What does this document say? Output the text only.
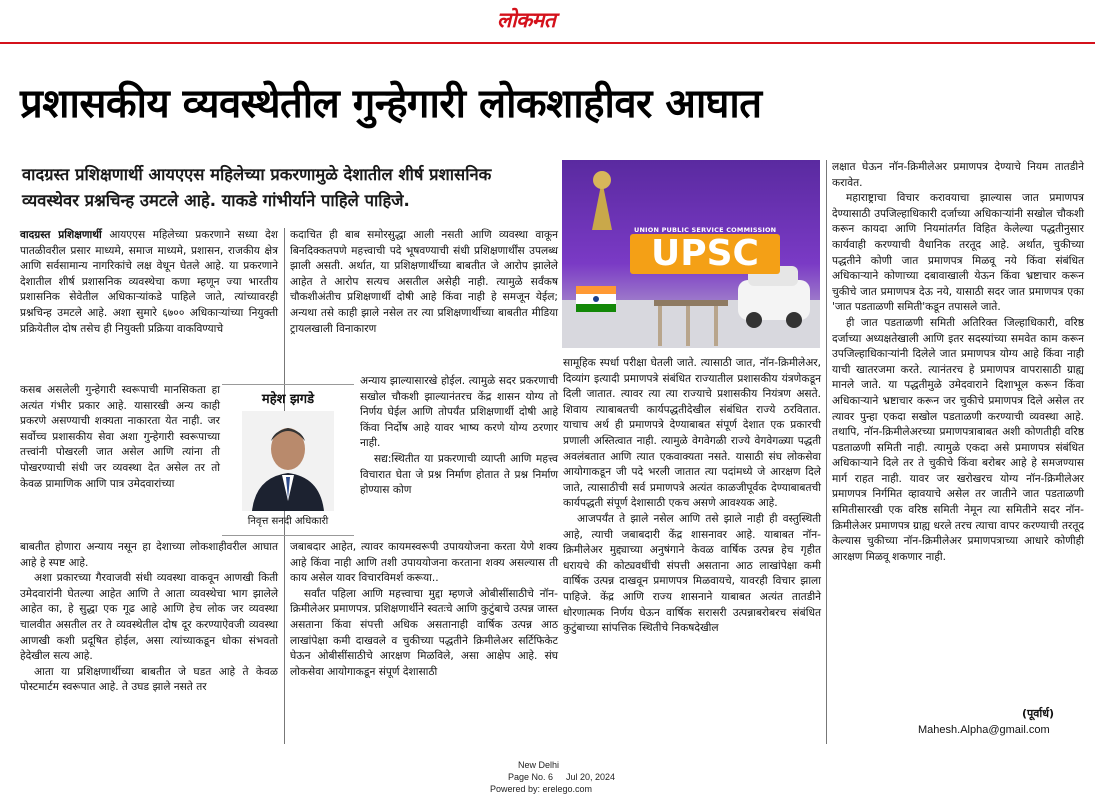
लोकमत
प्रशासकीय व्यवस्थेतील गुन्हेगारी लोकशाहीवर आघात
वादग्रस्त प्रशिक्षणार्थी आयएएस महिलेच्या प्रकरणामुळे देशातील शीर्ष प्रशासनिक व्यवस्थेवर प्रश्नचिन्ह उमटले आहे. याकडे गांभीर्याने पाहिले पाहिजे.

वादग्रस्त प्रशिक्षणार्थी आयएएस महिलेच्या प्रकरणाने सध्या देश पातळीवरील प्रसार माध्यमे, समाज माध्यमे, प्रशासन, राजकीय क्षेत्र आणि सर्वसामान्य नागरिकांचे लक्ष वेधून घेतले आहे. या प्रकरणाने देशातील शीर्ष प्रशासनिक व्यवस्थेचा कणा म्हणून ज्या भारतीय प्रशासनिक सेवेतील अधिकाऱ्यांकडे पाहिले जाते, त्यांच्यावरही प्रश्नचिन्ह उमटले आहे. अशा सुमारे ६७०० अधिकाऱ्यांच्या नियुक्ती प्रक्रियेतील दोष तसेच ही नियुक्ती प्रक्रिया वाकविण्याचे

कसब असलेली गुन्हेगारी स्वरूपाची मानसिकता हा अत्यंत गंभीर प्रकार आहे. यासारखी अन्य काही प्रकरणे असण्याची शक्यता नाकारता येत नाही. जर सर्वोच्च प्रशासकीय सेवा अशा गुन्हेगारी स्वरूपाच्या तत्त्वांनी पोखरली जात असेल आणि त्यांना ती पोखरण्याची संधी जर व्यवस्था देत असेल तर तो केवळ प्रामाणिक आणि पात्र उमेदवारांच्या

बाबतीत होणारा अन्याय नसून हा देशाच्या लोकशाहीवरील आघात आहे हे स्पष्ट आहे.

अशा प्रकारच्या गैरवाजवी संधी व्यवस्था वाकवून आणखी किती उमेदवारांनी घेतल्या आहेत आणि ते आता व्यवस्थेचा भाग झालेले आहेत का, हे सुद्धा एक गूढ आहे आणि हेच लोक जर व्यवस्था चालवीत असतील तर ते व्यवस्थेतील दोष दूर करण्याऐवजी व्यवस्था आणखी कशी प्रदूषित होईल, असा त्यांच्याकडून धोका संभवतो हेदेखील सत्य आहे.

आता या प्रशिक्षणार्थीच्या बाबतीत जे घडत आहे ते केवळ पोस्टमार्टम स्वरूपात आहे. ते उघड झाले नसते तर

महेश झगडे
निवृत्त सनदी अधिकारी

कदाचित ही बाब समोरसुद्धा आली नसती आणि व्यवस्था वाकून बिनदिक्कतपणे महत्त्वाची पदे भूषवण्याची संधी प्रशिक्षणार्थींस उपलब्ध झाली असती. अर्थात, या प्रशिक्षणार्थीच्या बाबतीत जे आरोप झालेले आहेत ते आरोप सत्यच असतील असेही नाही. त्यामुळे सर्वंकष चौकशीअंतीच प्रशिक्षणार्थी दोषी आहे किंवा नाही हे समजून येईल; अन्यथा तसे काही झाले नसेल तर त्या प्रशिक्षणार्थीच्या बाबतीत मीडिया ट्रायलखाली विनाकारण

अन्याय झाल्यासारखे होईल. त्यामुळे सदर प्रकरणाची सखोल चौकशी झाल्यानंतरच केंद्र शासन योग्य तो निर्णय घेईल आणि तोपर्यंत प्रशिक्षणार्थी दोषी आहे किंवा निर्दोष आहे यावर भाष्य करणे योग्य ठरणार नाही.

सद्य:स्थितीत या प्रकरणाची व्याप्ती आणि महत्त्व विचारात घेता जे प्रश्न निर्माण होतात ते प्रश्न निर्माण होण्यास कोण

जबाबदार आहेत, त्यावर कायमस्वरूपी उपाययोजना करता येणे शक्य आहे किंवा नाही आणि तशी उपाययोजना करताना शक्य असल्यास ती काय असेल यावर विचारविमर्श करूया..

सर्वांत पहिला आणि महत्त्वाचा मुद्दा म्हणजे ओबीसींसाठीचे नॉन-क्रिमीलेअर प्रमाणपत्र. प्रशिक्षणार्थीने स्वतःचे आणि कुटुंबाचे उत्पन्न जास्त असताना किंवा संपत्ती अधिक असतानाही वार्षिक उत्पन्न आठ लाखांपेक्षा कमी दाखवले व चुकीच्या पद्धतीने क्रिमीलेअर सर्टिफिकेट घेऊन ओबीसींसाठीचे आरक्षण मिळविले, असा आक्षेप आहे. संघ लोकसेवा आयोगाकडून संपूर्ण देशासाठी

UNION PUBLIC SERVICE COMMISSION
UPSC

सामूहिक स्पर्धा परीक्षा घेतली जाते. त्यासाठी जात, नॉन-क्रिमीलेअर, दिव्यांग इत्यादी प्रमाणपत्रे संबंधित राज्यातील प्रशासकीय यंत्रणेकडून दिली जातात. त्यावर त्या त्या राज्याचे प्रशासकीय नियंत्रण असते. शिवाय त्याबाबतची कार्यपद्धतीदेखील संबंधित राज्ये ठरवितात. याचाच अर्थ ही प्रमाणपत्रे देण्याबाबत संपूर्ण देशात एक प्रकारची प्रणाली अस्तित्वात नाही. त्यामुळे वेगवेगळी राज्ये वेगवेगळ्या पद्धती अवलंबतात आणि त्यात एकवाक्यता नसते. यासाठी संघ लोकसेवा आयोगाकडून जी पदे भरली जातात त्या पदांमध्ये जे आरक्षण दिले जाते, त्यासाठीची सर्व प्रमाणपत्रे अत्यंत काळजीपूर्वक देण्याबाबतची कार्यपद्धती संपूर्ण देशासाठी एकच असणे आवश्यक आहे.

आजपर्यंत ते झाले नसेल आणि तसे झाले नाही ही वस्तुस्थिती आहे, त्याची जबाबदारी केंद्र शासनावर आहे. याबाबत नॉन-क्रिमीलेअर मुद्द्याच्या अनुषंगाने केवळ वार्षिक उत्पन्न हेच गृहीत धरायचे की कोट्यवधींची संपत्ती असताना आठ लाखांपेक्षा कमी वार्षिक उत्पन्न दाखवून प्रमाणपत्र मिळवायचे, यावरही विचार झाला पाहिजे. केंद्र आणि राज्य शासनाने याबाबत अत्यंत तातडीने धोरणात्मक निर्णय घेऊन वार्षिक सरासरी उत्पन्नाबरोबरच संबंधित कुटुंबाच्या सांपत्तिक स्थितीचे निकषदेखील

लक्षात घेऊन नॉन-क्रिमीलेअर प्रमाणपत्र देण्याचे नियम तातडीने करावेत.

महाराष्ट्राचा विचार करावयाचा झाल्यास जात प्रमाणपत्र देण्यासाठी उपजिल्हाधिकारी दर्जाच्या अधिकाऱ्यांनी सखोल चौकशी करून कायदा आणि नियमांतर्गत विहित केलेल्या पद्धतीनुसार कार्यवाही करण्याची वैधानिक तरतूद आहे. अर्थात, चुकीच्या पद्धतीने कोणी जात प्रमाणपत्र मिळवू नये किंवा संबंधित अधिकाऱ्याने कोणाच्या दबावाखाली येऊन किंवा भ्रष्टाचार करून चुकीचे जात प्रमाणपत्र देऊ नये, यासाठी सदर जात प्रमाणपत्र एका 'जात पडताळणी समिती'कडून तपासले जाते.

ही जात पडताळणी समिती अतिरिक्त जिल्हाधिकारी, वरिष्ठ दर्जाच्या अध्यक्षतेखाली आणि इतर सदस्यांच्या समवेत काम करून उपजिल्हाधिकाऱ्यांनी दिलेले जात प्रमाणपत्र योग्य आहे किंवा नाही याची खातरजमा करते. त्यानंतरच हे प्रमाणपत्र वापरासाठी ग्राह्य मानले जाते. या पद्धतीमुळे उमेदवाराने दिशाभूल करून किंवा अधिकाऱ्याने भ्रष्टाचार करून जर चुकीचे प्रमाणपत्र दिले असेल तर त्यावर पुन्हा एकदा सखोल पडताळणी करण्याची व्यवस्था आहे. तथापि, नॉन-क्रिमीलेअरच्या प्रमाणपत्राबाबत अशी कोणतीही वरिष्ठ पडताळणी समिती नाही. त्यामुळे एकदा असे प्रमाणपत्र संबंधित अधिकाऱ्याने दिले तर ते चुकीचे किंवा बरोबर आहे हे समजण्यास मार्ग राहत नाही. यावर जर खरोखरच योग्य नॉन-क्रिमीलेअर प्रमाणपत्र निर्गमित व्हावयाचे असेल तर जातीने जात पडताळणी समितीसारखी एक वरिष्ठ समिती नेमून त्या समितीने सदर नॉन-क्रिमीलेअर प्रमाणपत्र ग्राह्य धरले तरच त्याचा वापर करण्याची तरतूद केल्यास चुकीच्या नॉन-क्रिमीलेअर प्रमाणपत्राच्या आधारे कोणीही आरक्षण मिळवू शकणार नाही.

(पूर्वार्ध)
Mahesh.Alpha@gmail.com
New Delhi
Page No. 6 Jul 20, 2024
Powered by: erelego.com
